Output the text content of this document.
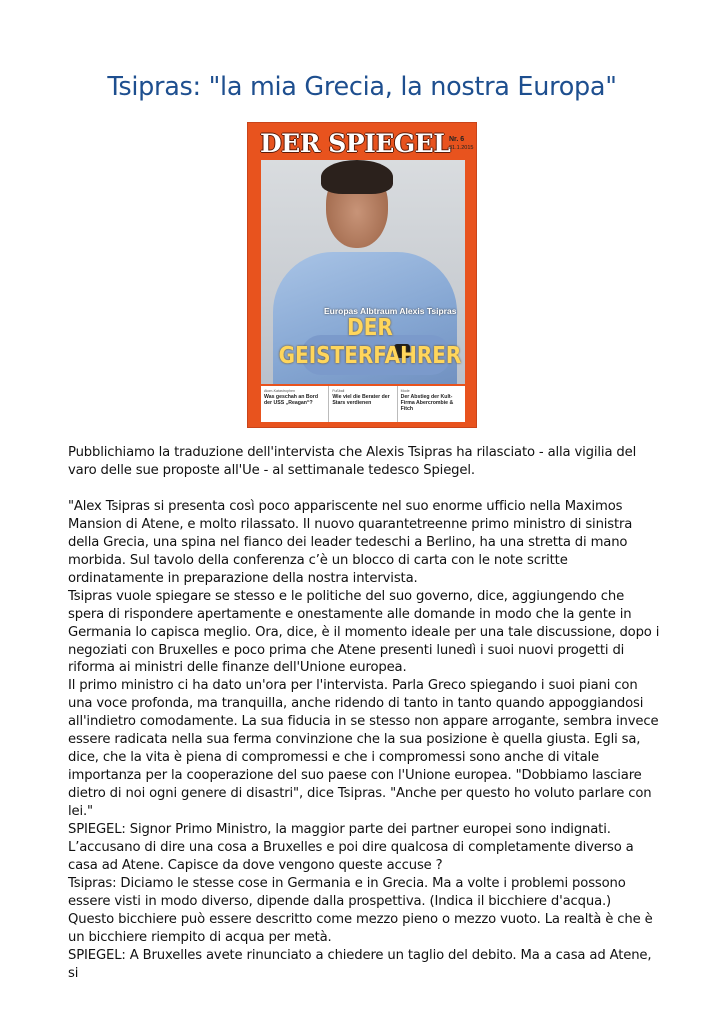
Tsipras: "la mia Grecia, la nostra Europa"
DER SPIEGEL
Nr. 6
31.1.2015
Europas Albtraum Alexis Tsipras
DER GEISTERFAHRER
Atom-Katastrophen
Was geschah an Bord der USS „Reagan“?
Fußball
Wie viel die Berater der Stars verdienen
Mode
Der Abstieg der Kult-Firma Abercrombie & Fitch

Pubblichiamo la traduzione dell'intervista che Alexis Tsipras ha rilasciato - alla vigilia del varo delle sue proposte all'Ue - al settimanale tedesco Spiegel.

"Alex Tsipras si presenta così poco appariscente nel suo enorme ufficio nella Maximos Mansion di Atene, e molto rilassato. Il nuovo quarantetreenne primo ministro di sinistra della Grecia, una spina nel fianco dei leader tedeschi a Berlino, ha una stretta di mano morbida. Sul tavolo della conferenza c’è un blocco di carta con le note scritte ordinatamente in preparazione della nostra intervista.

Tsipras vuole spiegare se stesso e le politiche del suo governo, dice, aggiungendo che spera di rispondere apertamente e onestamente alle domande in modo che la gente in Germania lo capisca meglio. Ora, dice, è il momento ideale per una tale discussione, dopo i negoziati con Bruxelles e poco prima che Atene presenti lunedì i suoi nuovi progetti di riforma ai ministri delle finanze dell'Unione europea.

Il primo ministro ci ha dato un'ora per l'intervista. Parla Greco spiegando i suoi piani con una voce profonda, ma tranquilla, anche ridendo di tanto in tanto quando appoggiandosi all'indietro comodamente. La sua fiducia in se stesso non appare arrogante, sembra invece essere radicata nella sua ferma convinzione che la sua posizione è quella giusta. Egli sa, dice, che la vita è piena di compromessi e che i compromessi sono anche di vitale importanza per la cooperazione del suo paese con l'Unione europea. "Dobbiamo lasciare dietro di noi ogni genere di disastri", dice Tsipras. "Anche per questo ho voluto parlare con lei."

SPIEGEL: Signor Primo Ministro, la maggior parte dei partner europei sono indignati. L’accusano di dire una cosa a Bruxelles e poi dire qualcosa di completamente diverso a casa ad Atene. Capisce da dove vengono queste accuse ?

Tsipras: Diciamo le stesse cose in Germania e in Grecia. Ma a volte i problemi possono essere visti in modo diverso, dipende dalla prospettiva. (Indica il bicchiere d'acqua.) Questo bicchiere può essere descritto come mezzo pieno o mezzo vuoto. La realtà è che è un bicchiere riempito di acqua per metà.

SPIEGEL: A Bruxelles avete rinunciato a chiedere un taglio del debito. Ma a casa ad Atene, si
